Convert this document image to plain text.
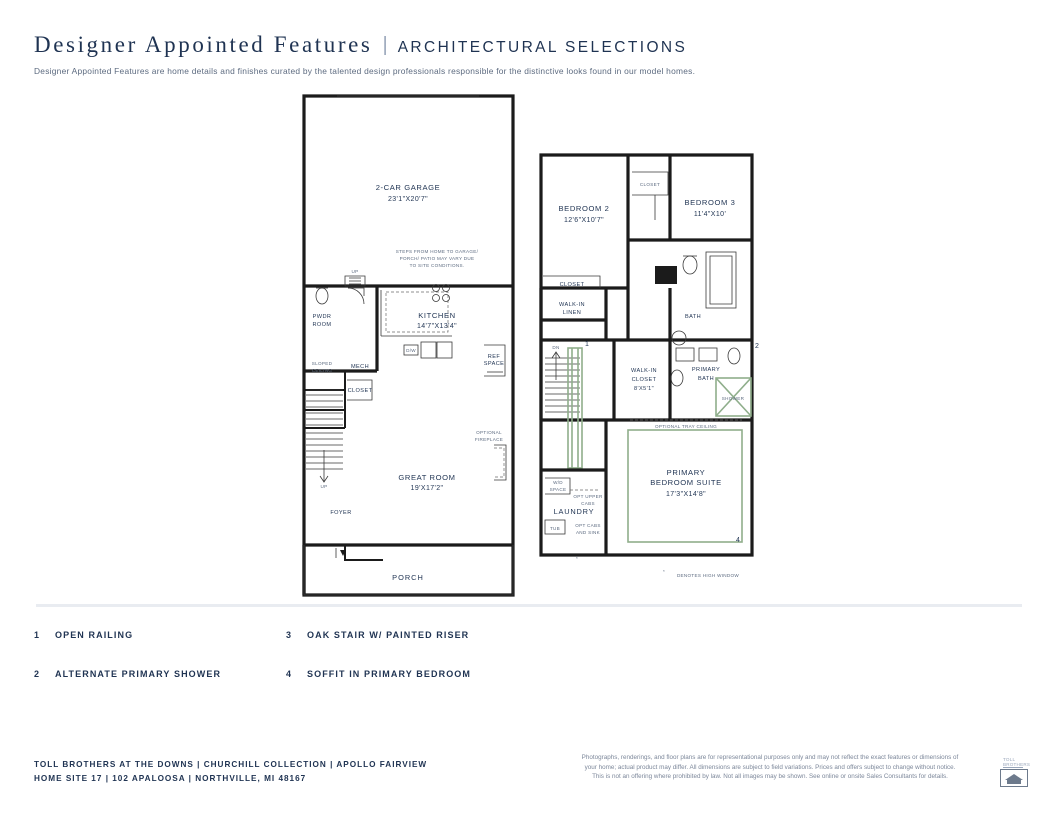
Designer Appointed Features | ARCHITECTURAL SELECTIONS
Designer Appointed Features are home details and finishes curated by the talented design professionals responsible for the distinctive looks found in our model homes.
UP
D/W
REF
SPACE
UP
CLOSET
2-CAR GARAGE
23'1"X20'7"
STEPS FROM HOME TO GARAGE/
PORCH/ PATIO MAY VARY DUE
TO SITE CONDITIONS.
KITCHEN
14'7"X13'4"
PWDR
ROOM
MECH
SLOPED
CEILING
GREAT ROOM
19'X17'2"
OPTIONAL
FIREPLACE
FOYER
PORCH
CLOSET
CLOSET
WALK-IN
LINEN
BATH
SHOWER
WALK-IN
CLOSET
8'X5'1"
PRIMARY
BATH
DN
W/D
SPACE
LAUNDRY
TUB
OPT UPPER
CABS
OPT CABS
AND SINK
OPTIONAL TRAY CEILING
PRIMARY
BEDROOM SUITE
17'3"X14'8"
BEDROOM 2
12'6"X10'7"
BEDROOM 3
11'4"X10'
1	2
4
*
*
DENOTES HIGH WINDOW
1	OPEN RAILING	3	OAK STAIR W/ PAINTED RISER
2	ALTERNATE PRIMARY SHOWER	4	SOFFIT IN PRIMARY BEDROOM
TOLL BROTHERS AT THE DOWNS | CHURCHILL COLLECTION | APOLLO FAIRVIEW
HOME SITE 17 | 102 APALOOSA | NORTHVILLE, MI 48167
Photographs, renderings, and floor plans are for representational purposes only and may not reflect the exact features or dimensions of
your home; actual product may differ. All dimensions are subject to field variations. Prices and offers subject to change without notice.
This is not an offering where prohibited by law. Not all images may be shown. See online or onsite Sales Consultants for details.
TOLL BROTHERS
